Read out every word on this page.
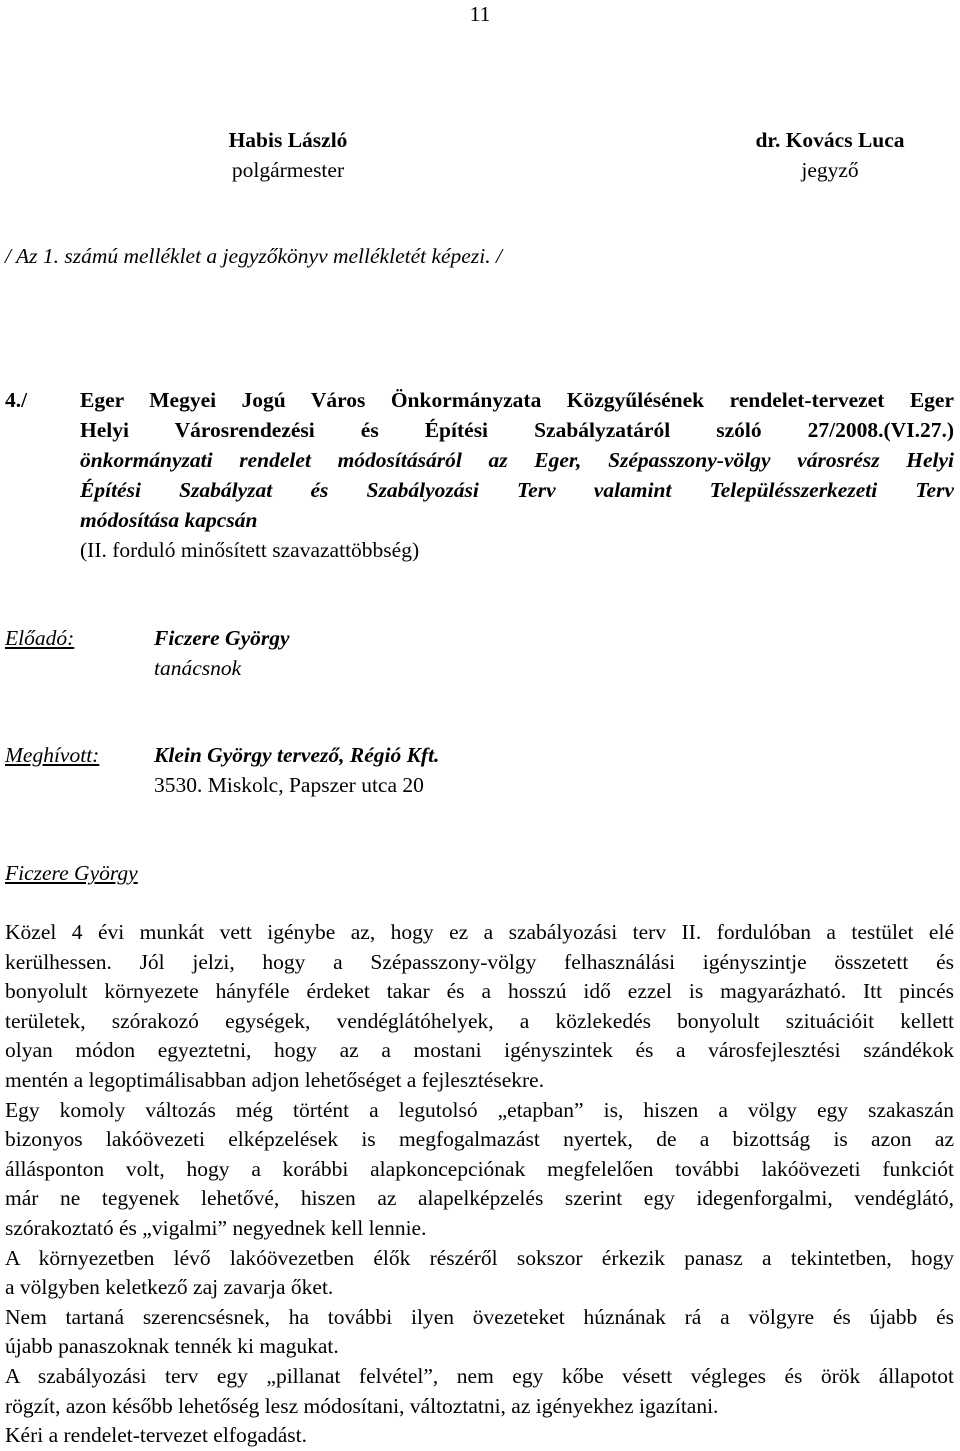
11
Habis László
polgármester
dr. Kovács Luca
jegyző
/ Az 1. számú melléklet a jegyzőkönyv mellékletét képezi. /
4./ Eger Megyei Jogú Város Önkormányzata Közgyűlésének rendelet-tervezet Eger
Helyi Városrendezési és Építési Szabályzatáról szóló 27/2008.(VI.27.)
önkormányzati rendelet módosításáról az Eger, Szépasszony-völgy városrész Helyi
Építési Szabályzat és Szabályozási Terv valamint Településszerkezeti Terv
módosítása kapcsán
(II. forduló minősített szavazattöbbség)
Előadó:	Ficzere György
tanácsnok
Meghívott:	Klein György tervező, Régió Kft.
3530. Miskolc, Papszer utca 20
Ficzere György
Közel 4 évi munkát vett igénybe az, hogy ez a szabályozási terv II. fordulóban a testület elé
kerülhessen. Jól jelzi, hogy a Szépasszony-völgy felhasználási igényszintje összetett és
bonyolult környezete hányféle érdeket takar és a hosszú idő ezzel is magyarázható. Itt pincés
területek, szórakozó egységek, vendéglátóhelyek, a közlekedés bonyolult szituációit kellett
olyan módon egyeztetni, hogy az a mostani igényszintek és a városfejlesztési szándékok
mentén a legoptimálisabban adjon lehetőséget a fejlesztésekre.
Egy komoly változás még történt a legutolsó „etapban” is, hiszen a völgy egy szakaszán
bizonyos lakóövezeti elképzelések is megfogalmazást nyertek, de a bizottság is azon az
állásponton volt, hogy a korábbi alapkoncepciónak megfelelően további lakóövezeti funkciót
már ne tegyenek lehetővé, hiszen az alapelképzelés szerint egy idegenforgalmi, vendéglátó,
szórakoztató és „vigalmi” negyednek kell lennie.
A környezetben lévő lakóövezetben élők részéről sokszor érkezik panasz a tekintetben, hogy
a völgyben keletkező zaj zavarja őket.
Nem tartaná szerencsésnek, ha további ilyen övezeteket húznának rá a völgyre és újabb és
újabb panaszoknak tennék ki magukat.
A szabályozási terv egy „pillanat felvétel”, nem egy kőbe vésett végleges és örök állapotot
rögzít, azon később lehetőség lesz módosítani, változtatni, az igényekhez igazítani.
Kéri a rendelet-tervezet elfogadást.
